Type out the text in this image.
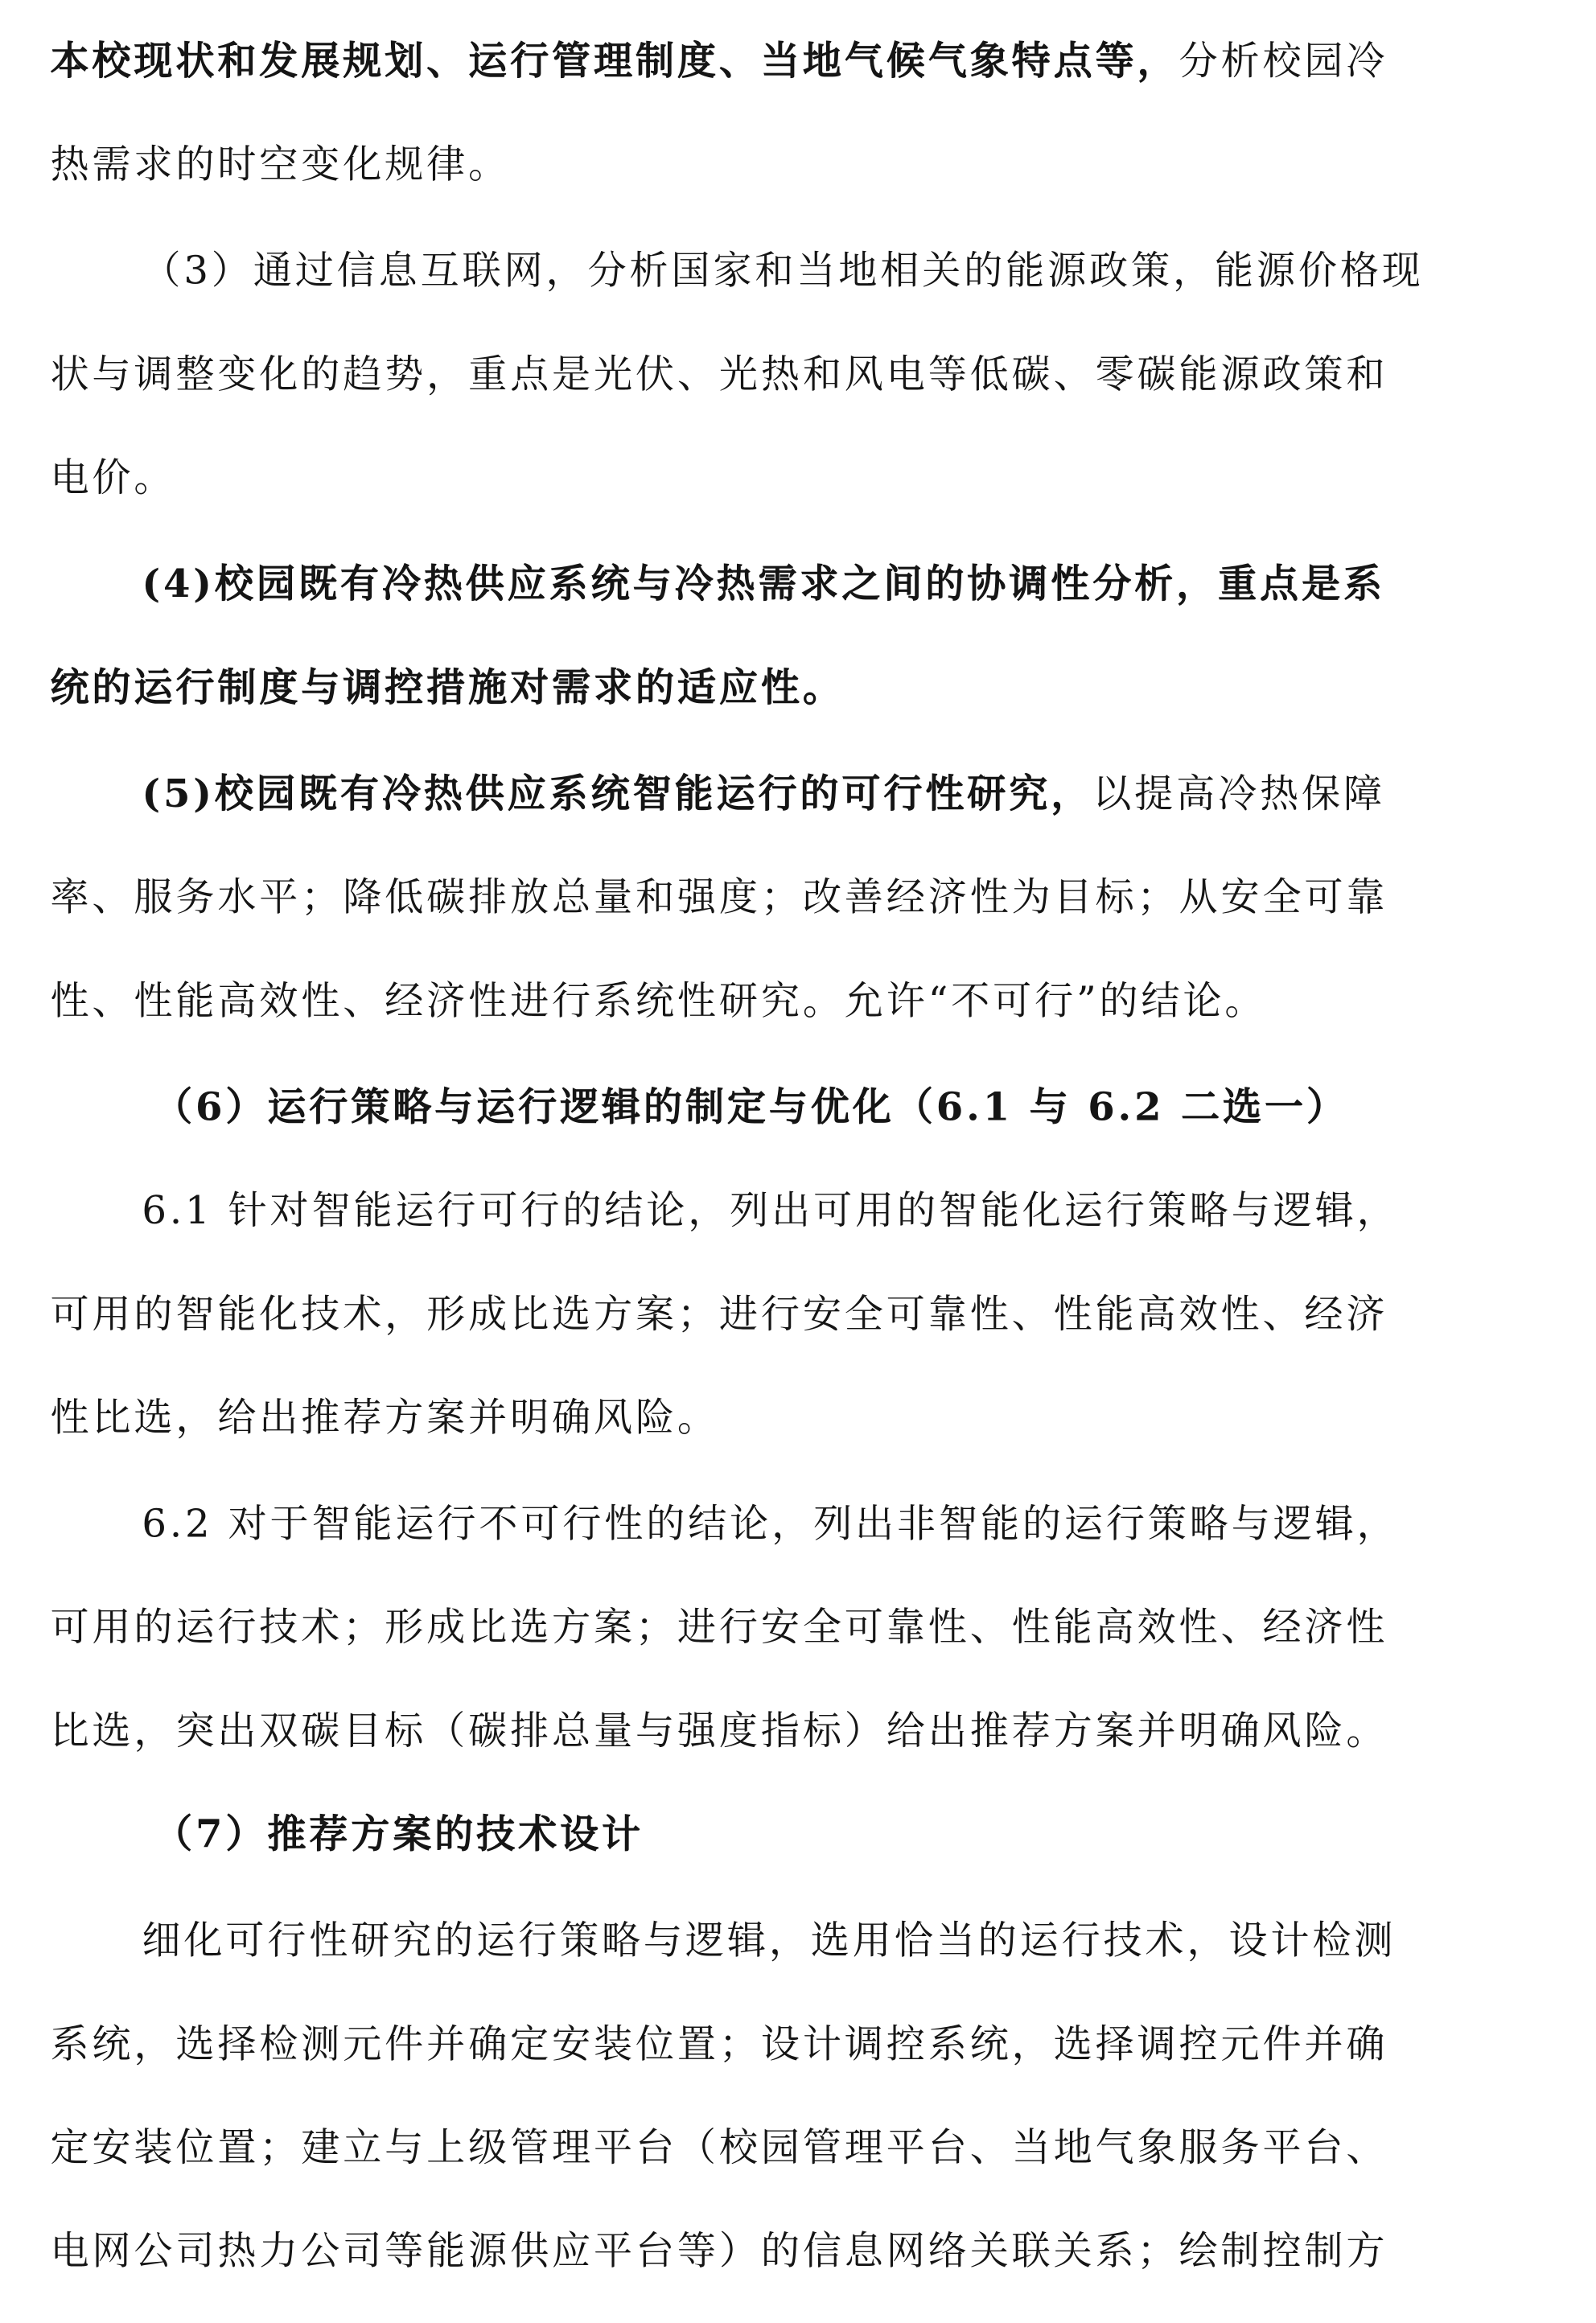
本校现状和发展规划、运行管理制度、当地气候气象特点等，分析校园冷
热需求的时空变化规律。
（3）通过信息互联网，分析国家和当地相关的能源政策，能源价格现
状与调整变化的趋势，重点是光伏、光热和风电等低碳、零碳能源政策和
电价。
(4)校园既有冷热供应系统与冷热需求之间的协调性分析，重点是系
统的运行制度与调控措施对需求的适应性。
(5)校园既有冷热供应系统智能运行的可行性研究，以提高冷热保障
率、服务水平；降低碳排放总量和强度；改善经济性为目标；从安全可靠
性、性能高效性、经济性进行系统性研究。允许“不可行”的结论。
（6）运行策略与运行逻辑的制定与优化（6.1 与 6.2 二选一）
6.1 针对智能运行可行的结论，列出可用的智能化运行策略与逻辑，
可用的智能化技术，形成比选方案；进行安全可靠性、性能高效性、经济
性比选，给出推荐方案并明确风险。
6.2 对于智能运行不可行性的结论，列出非智能的运行策略与逻辑，
可用的运行技术；形成比选方案；进行安全可靠性、性能高效性、经济性
比选，突出双碳目标（碳排总量与强度指标）给出推荐方案并明确风险。
（7）推荐方案的技术设计
细化可行性研究的运行策略与逻辑，选用恰当的运行技术，设计检测
系统，选择检测元件并确定安装位置；设计调控系统，选择调控元件并确
定安装位置；建立与上级管理平台（校园管理平台、当地气象服务平台、
电网公司热力公司等能源供应平台等）的信息网络关联关系；绘制控制方
